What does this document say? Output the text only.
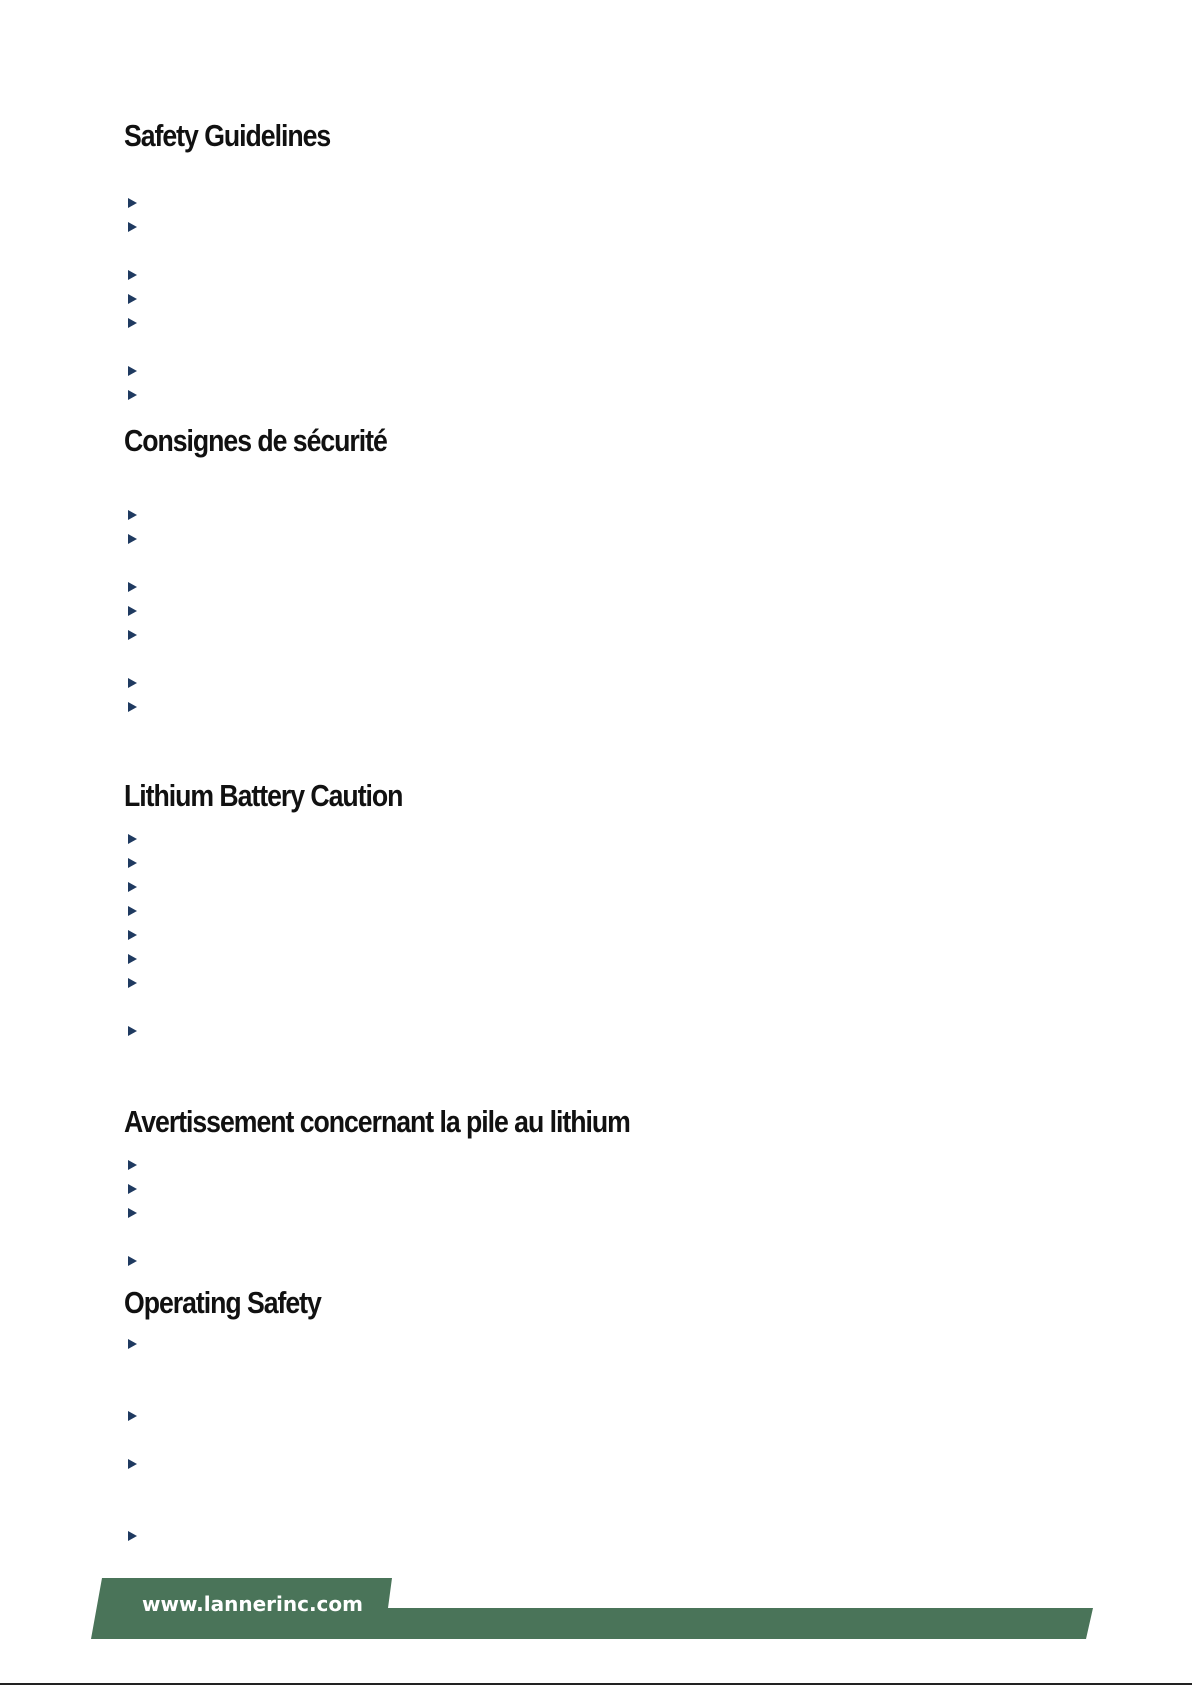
Safety Guidelines
Consignes de sécurité
Lithium Battery Caution
Avertissement concernant la pile au lithium
Operating Safety
www.lannerinc.com
